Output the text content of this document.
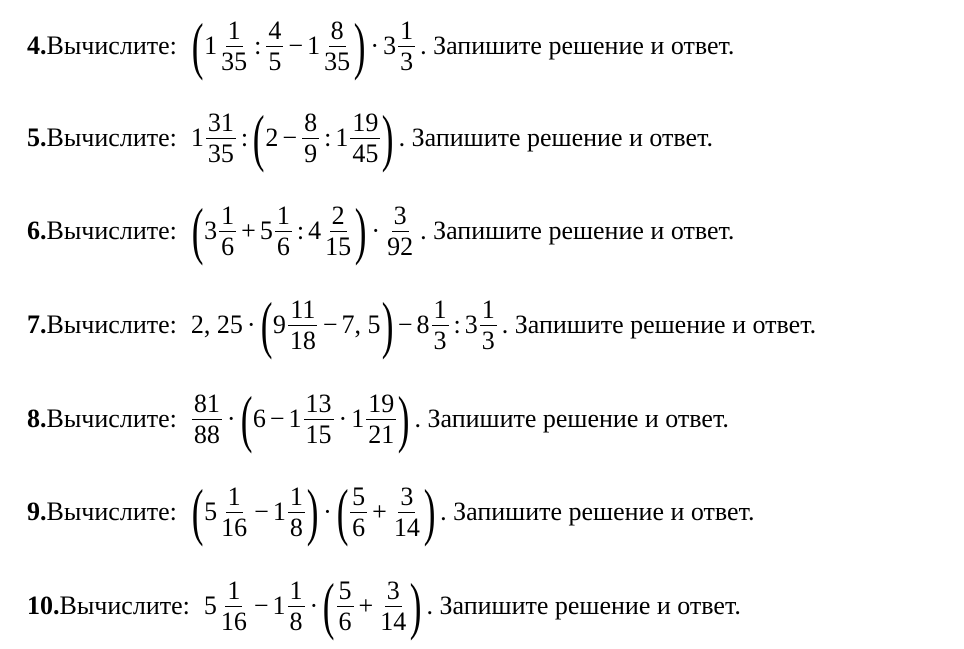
4. Вычислите: ( $1 \frac{1}{35}$ : $\frac{4}{5} - 1 \frac{8}{35}$ ) · $3 \frac{1}{3}$ . Запишите решение и ответ.
5. Вычислите: $1 \frac{31}{35}$ : ( $2 - \frac{8}{9}$ : $1 \frac{19}{45}$ ) . Запишите решение и ответ.
6. Вычислите: ( $3 \frac{1}{6} + 5 \frac{1}{6}$ : $4 \frac{2}{15}$ ) · $\frac{3}{92}$ . Запишите решение и ответ.
7. Вычислите: 2, 25 · ( $9 \frac{11}{18} - 7$, 5 ) − $8 \frac{1}{3}$ : $3 \frac{1}{3}$ . Запишите решение и ответ.
8. Вычислите: $\frac{81}{88}$ · ( $6 - 1 \frac{13}{15} \cdot 1 \frac{19}{21}$ ) . Запишите решение и ответ.
9. Вычислите: ( $5 \frac{1}{16} - 1 \frac{1}{8}$ ) · ( $\frac{5}{6} + \frac{3}{14}$ ) . Запишите решение и ответ.
10. Вычислите: $5 \frac{1}{16} - 1 \frac{1}{8}$ · ( $\frac{5}{6} + \frac{3}{14}$ ) . Запишите решение и ответ.
